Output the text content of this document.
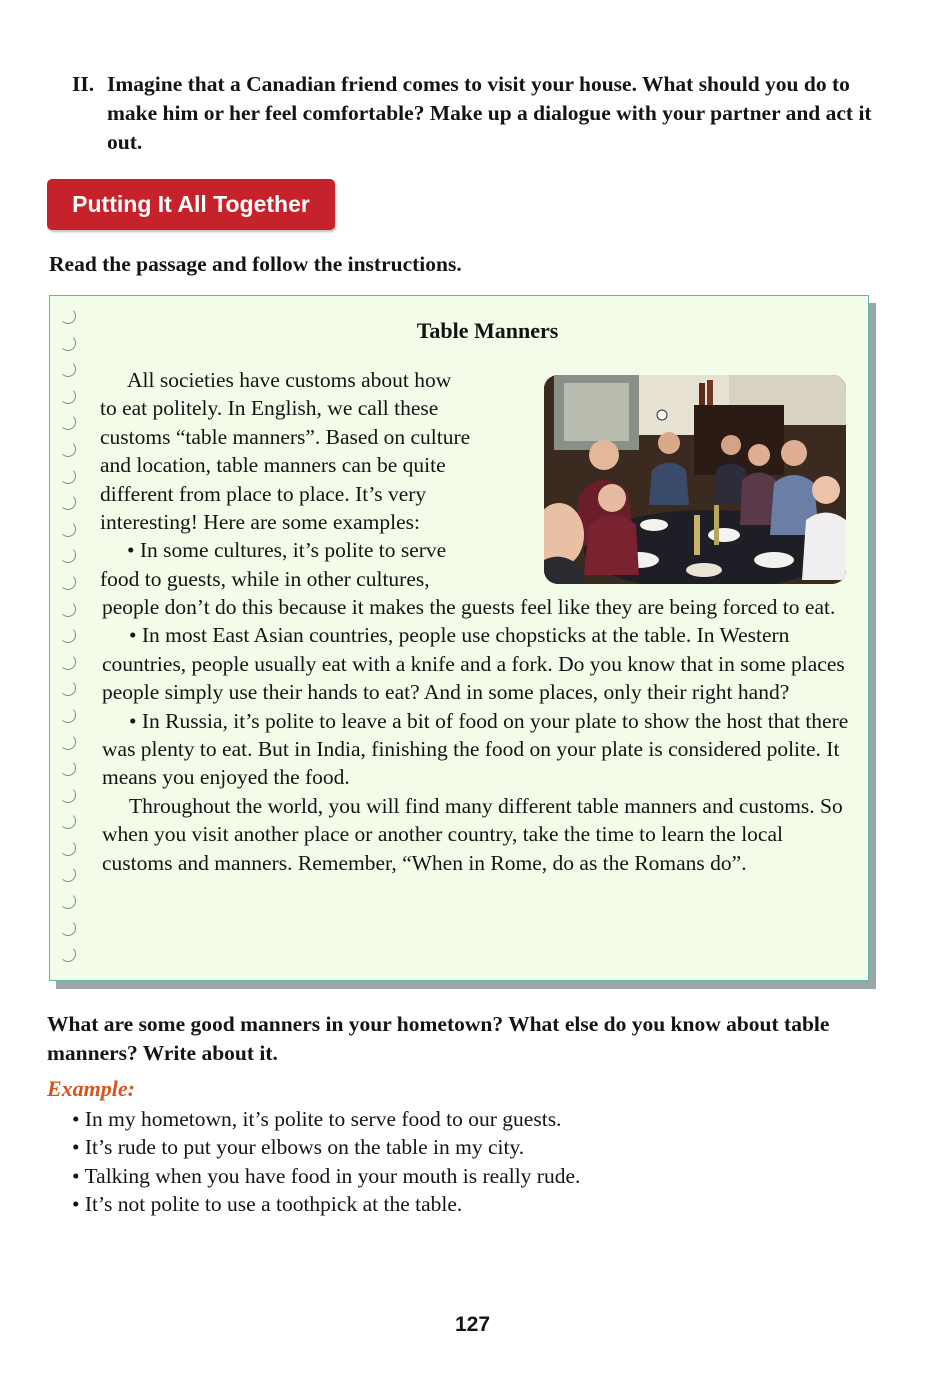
II. Imagine that a Canadian friend comes to visit your house. What should you do to make him or her feel comfortable? Make up a dialogue with your partner and act it out.
Putting It All Together
Read the passage and follow the instructions.
Table Manners
All societies have customs about how
to eat politely. In English, we call these
customs “table manners”. Based on culture
and location, table manners can be quite
different from place to place. It’s very
interesting! Here are some examples:
• In some cultures, it’s polite to serve
food to guests, while in other cultures,

people don’t do this because it makes the guests feel like they are being forced to eat.

• In most East Asian countries, people use chopsticks at the table. In Western countries, people usually eat with a knife and a fork. Do you know that in some places people simply use their hands to eat? And in some places, only their right hand?

• In Russia, it’s polite to leave a bit of food on your plate to show the host that there was plenty to eat. But in India, finishing the food on your plate is considered polite. It means you enjoyed the food.

Throughout the world, you will find many different table manners and customs. So when you visit another place or another country, take the time to learn the local customs and manners. Remember, “When in Rome, do as the Romans do”.

What are some good manners in your hometown? What else do you know about table manners? Write about it.
Example:
• In my hometown, it’s polite to serve food to our guests.
• It’s rude to put your elbows on the table in my city.
• Talking when you have food in your mouth is really rude.
• It’s not polite to use a toothpick at the table.
127
